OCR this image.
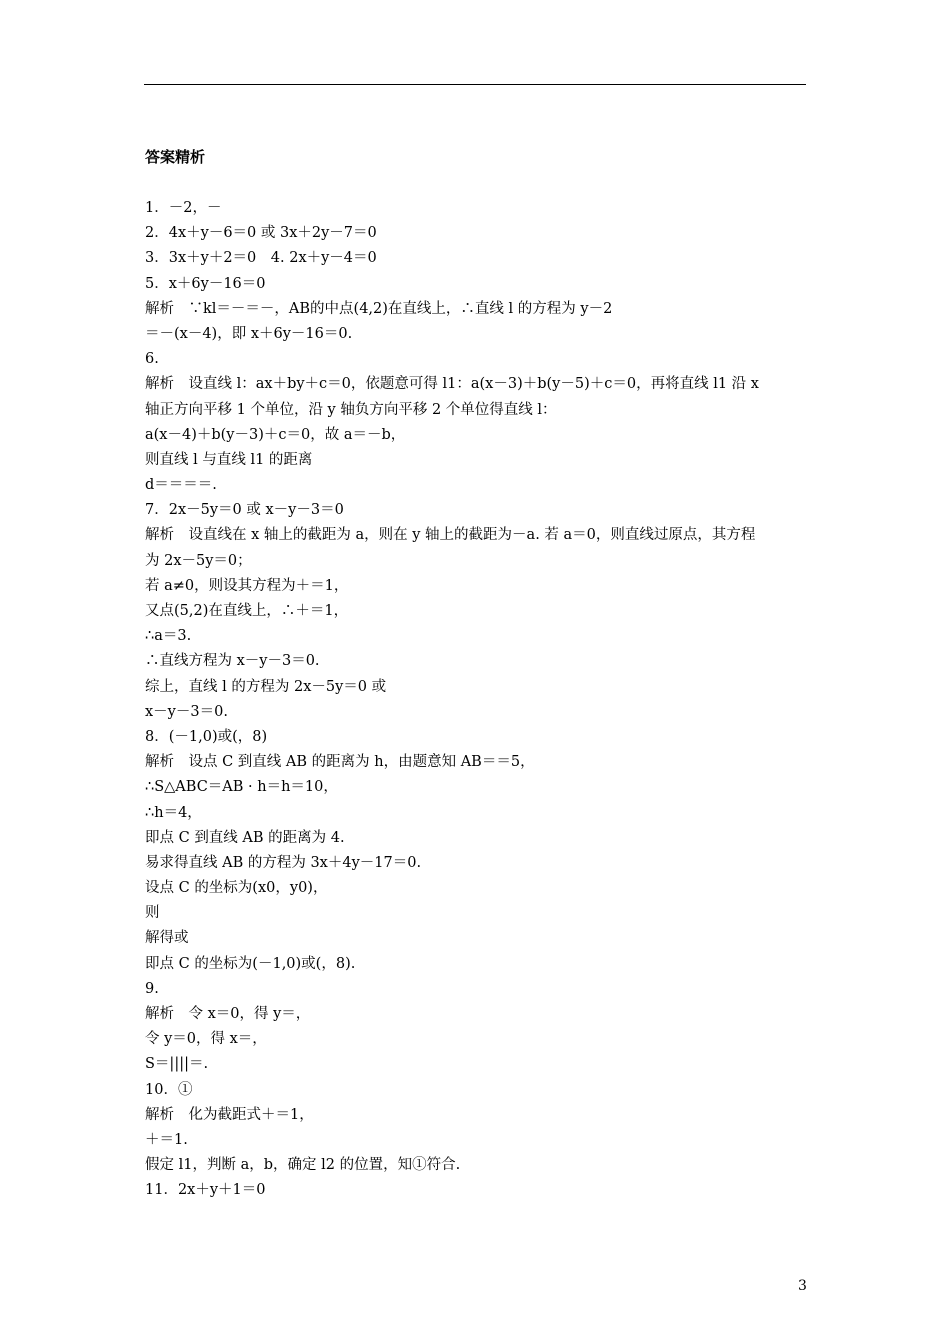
答案精析
1．－2，－
2．4x＋y－6＝0 或 3x＋2y－7＝0
3．3x＋y＋2＝0　4. 2x＋y－4＝0
5．x＋6y－16＝0
解析　∵kl＝－＝－，AB的中点(4,2)在直线上，∴直线 l 的方程为 y－2
＝－(x－4)，即 x＋6y－16＝0.
6.
解析　设直线 l：ax＋by＋c＝0，依题意可得 l1：a(x－3)＋b(y－5)＋c＝0，再将直线 l1 沿 x
轴正方向平移 1 个单位，沿 y 轴负方向平移 2 个单位得直线 l：
a(x－4)＋b(y－3)＋c＝0，故 a＝－b，
则直线 l 与直线 l1 的距离
d＝＝＝＝.
7．2x－5y＝0 或 x－y－3＝0
解析　设直线在 x 轴上的截距为 a，则在 y 轴上的截距为－a. 若 a＝0，则直线过原点，其方程
为 2x－5y＝0；
若 a≠0，则设其方程为＋＝1，
又点(5,2)在直线上，∴＋＝1，
∴a＝3.
∴直线方程为 x－y－3＝0.
综上，直线 l 的方程为 2x－5y＝0 或
x－y－3＝0.
8．(－1,0)或(，8)
解析　设点 C 到直线 AB 的距离为 h，由题意知 AB＝＝5，
∴S△ABC＝AB · h＝h＝10，
∴h＝4，
即点 C 到直线 AB 的距离为 4.
易求得直线 AB 的方程为 3x＋4y－17＝0.
设点 C 的坐标为(x0，y0)，
则
解得或
即点 C 的坐标为(－1,0)或(，8).
9.
解析　令 x＝0，得 y＝，
令 y＝0，得 x＝，
S＝||||＝.
10．①
解析　化为截距式＋＝1，
＋＝1.
假定 l1，判断 a，b，确定 l2 的位置，知①符合.
11．2x＋y＋1＝0
3
